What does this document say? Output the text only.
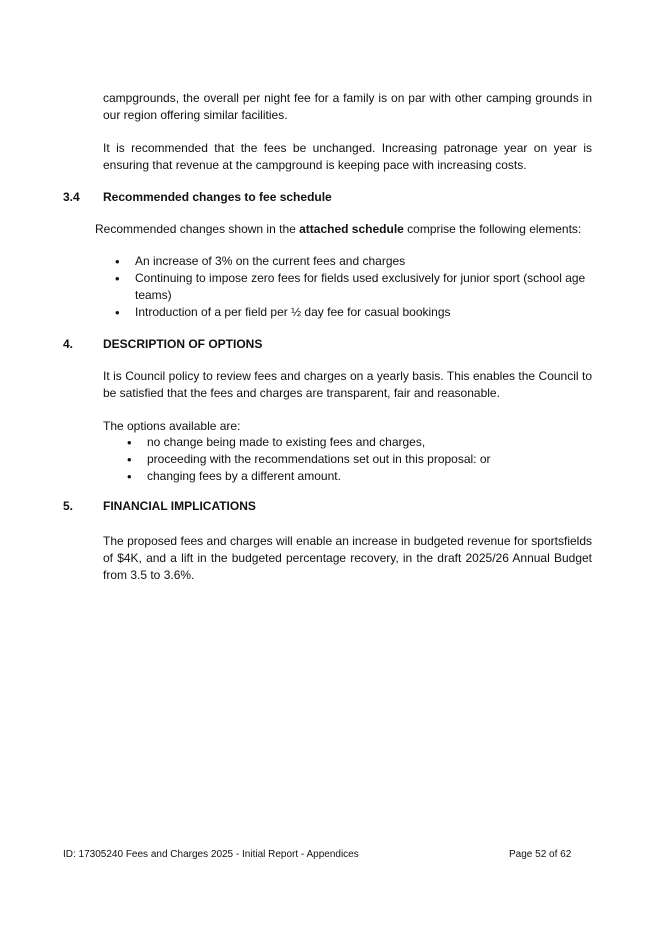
campgrounds, the overall per night fee for a family is on par with other camping grounds in our region offering similar facilities.

It is recommended that the fees be unchanged. Increasing patronage year on year is ensuring that revenue at the campground is keeping pace with increasing costs.

3.4 Recommended changes to fee schedule

Recommended changes shown in the attached schedule comprise the following elements:

• An increase of 3% on the current fees and charges
• Continuing to impose zero fees for fields used exclusively for junior sport (school age teams)
• Introduction of a per field per ½ day fee for casual bookings
4. DESCRIPTION OF OPTIONS

It is Council policy to review fees and charges on a yearly basis. This enables the Council to be satisfied that the fees and charges are transparent, fair and reasonable.

The options available are:

• no change being made to existing fees and charges,
• proceeding with the recommendations set out in this proposal: or
• changing fees by a different amount.
5. FINANCIAL IMPLICATIONS

The proposed fees and charges will enable an increase in budgeted revenue for sportsfields of $4K, and a lift in the budgeted percentage recovery, in the draft 2025/26 Annual Budget from 3.5 to 3.6%.

ID: 17305240 Fees and Charges 2025 - Initial Report - Appendices	Page 52 of 62
